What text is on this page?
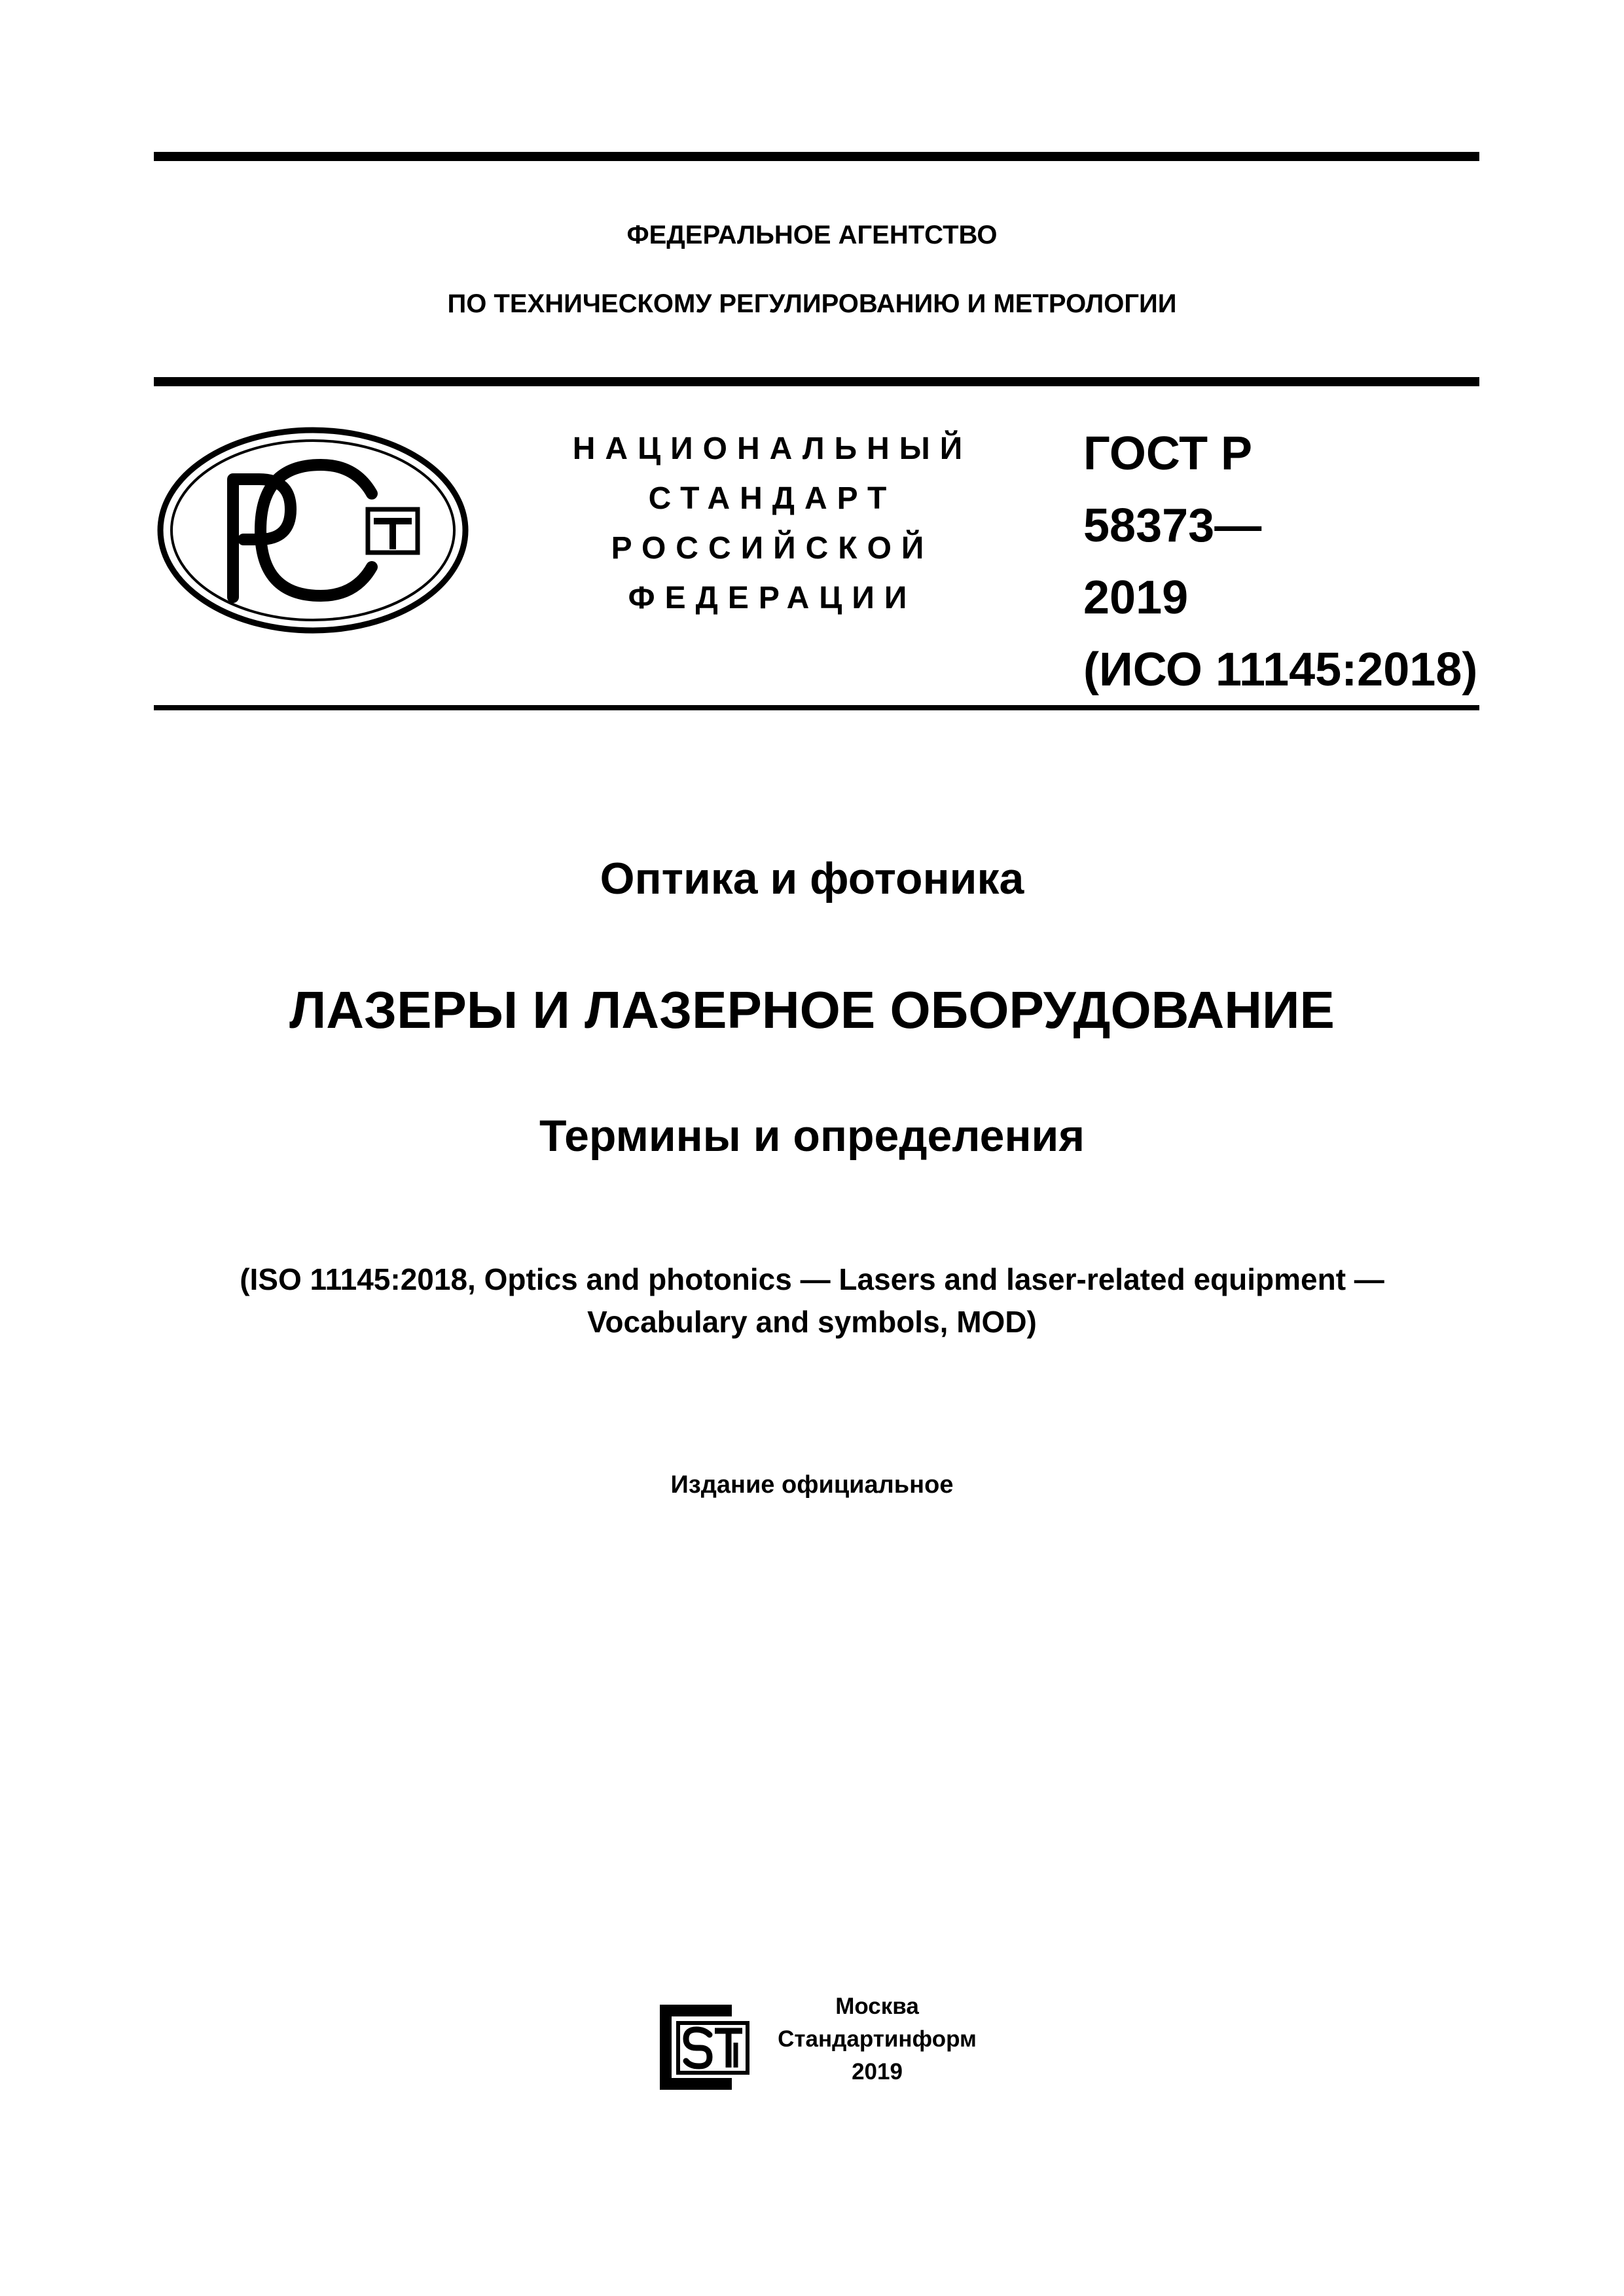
ФЕДЕРАЛЬНОЕ АГЕНТСТВО
ПО ТЕХНИЧЕСКОМУ РЕГУЛИРОВАНИЮ И МЕТРОЛОГИИ
НАЦИОНАЛЬНЫЙ
СТАНДАРТ
РОССИЙСКОЙ
ФЕДЕРАЦИИ
ГОСТ Р
58373—
2019
(ИСО 11145:2018)
Оптика и фотоника
ЛАЗЕРЫ И ЛАЗЕРНОЕ ОБОРУДОВАНИЕ
Термины и определения
(ISO 11145:2018, Optics and photonics — Lasers and laser-related equipment —
Vocabulary and symbols, MOD)
Издание официальное
Москва
Стандартинформ
2019
